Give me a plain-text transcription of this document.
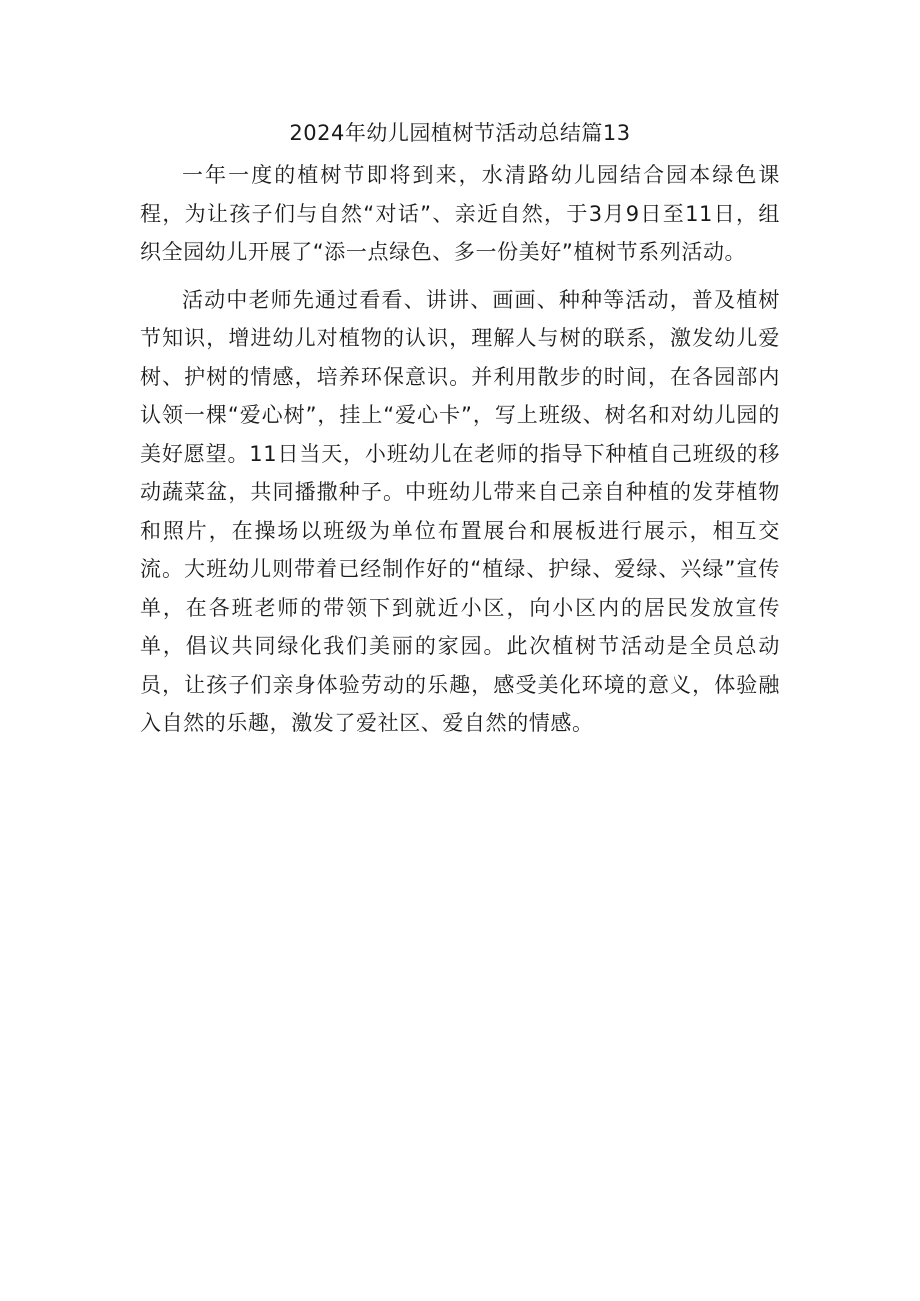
2024年幼儿园植树节活动总结篇13

一年一度的植树节即将到来，水清路幼儿园结合园本绿色课程，为让孩子们与自然“对话”、亲近自然，于3月9日至11日，组织全园幼儿开展了“添一点绿色、多一份美好”植树节系列活动。

活动中老师先通过看看、讲讲、画画、种种等活动，普及植树节知识，增进幼儿对植物的认识，理解人与树的联系，激发幼儿爱树、护树的情感，培养环保意识。并利用散步的时间，在各园部内认领一棵“爱心树”，挂上“爱心卡”，写上班级、树名和对幼儿园的美好愿望。11日当天，小班幼儿在老师的指导下种植自己班级的移动蔬菜盆，共同播撒种子。中班幼儿带来自己亲自种植的发芽植物和照片，在操场以班级为单位布置展台和展板进行展示，相互交流。大班幼儿则带着已经制作好的“植绿、护绿、爱绿、兴绿”宣传单，在各班老师的带领下到就近小区，向小区内的居民发放宣传单，倡议共同绿化我们美丽的家园。此次植树节活动是全员总动员，让孩子们亲身体验劳动的乐趣，感受美化环境的意义，体验融入自然的乐趣，激发了爱社区、爱自然的情感。
